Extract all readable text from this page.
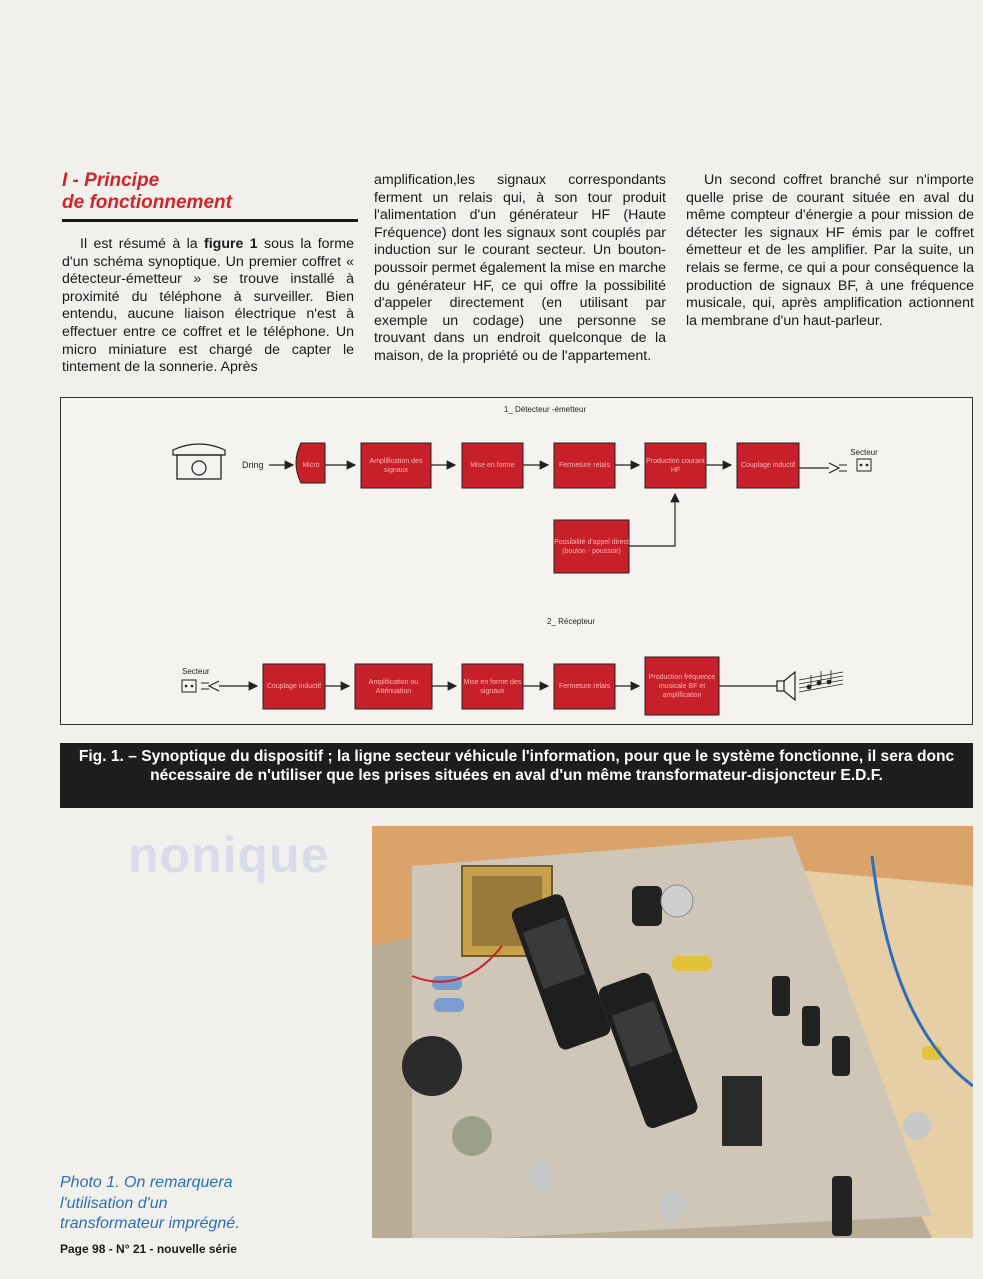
I - Principe
de fonctionnement
Il est résumé à la figure 1 sous la forme d'un schéma synoptique. Un premier coffret « détecteur-émetteur » se trouve installé à proximité du téléphone à surveiller. Bien entendu, aucune liaison électrique n'est à effectuer entre ce coffret et le téléphone. Un micro miniature est chargé de capter le tintement de la sonnerie. Après
amplification,les signaux correspondants ferment un relais qui, à son tour produit l'alimentation d'un générateur HF (Haute Fréquence) dont les signaux sont couplés par induction sur le courant secteur. Un bouton-poussoir permet également la mise en marche du générateur HF, ce qui offre la possibilité d'appeler directement (en utilisant par exemple un codage) une personne se trouvant dans un endroit quelconque de la maison, de la propriété ou de l'appartement.
Un second coffret branché sur n'importe quelle prise de courant située en aval du même compteur d'énergie a pour mission de détecter les signaux HF émis par le coffret émetteur et de les amplifier. Par la suite, un relais se ferme, ce qui a pour conséquence la production de signaux BF, à une fréquence musicale, qui, après amplification actionnent la membrane d'un haut-parleur.
1_ Détecteur -émetteur
Dring	Micro
Amplification des signaux
Mise en forme	Fermeture relais
Production courant HF
Couplage inductif
Secteur
Possibilité d'appel direct (bouton - poussoir)
2_ Récepteur
Secteur
Couplage inductif
Amplification ou Atténuation
Mise en forme des signaux
Fermeture relais
Production fréquence musicale BF et amplification
Fig. 1. – Synoptique du dispositif ; la ligne secteur véhicule l'information, pour que le système fonctionne, il sera donc nécessaire de n'utiliser que les prises situées en aval d'un même transformateur-disjoncteur E.D.F.
nonique
Photo 1. On remarquera
l'utilisation d'un
transformateur imprégné.
Page 98 - N° 21 - nouvelle série
